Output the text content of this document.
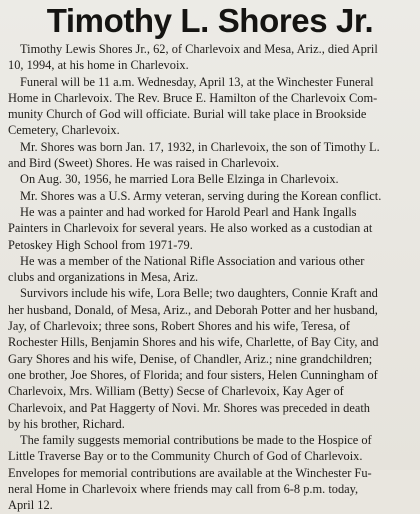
Timothy L. Shores Jr.

Timothy Lewis Shores Jr., 62, of Charlevoix and Mesa, Ariz., died April
10, 1994, at his home in Charlevoix.

Funeral will be 11 a.m. Wednesday, April 13, at the Winchester Funeral
Home in Charlevoix. The Rev. Bruce E. Hamilton of the Charlevoix Com-
munity Church of God will officiate. Burial will take place in Brookside
Cemetery, Charlevoix.

Mr. Shores was born Jan. 17, 1932, in Charlevoix, the son of Timothy L.
and Bird (Sweet) Shores. He was raised in Charlevoix.

On Aug. 30, 1956, he married Lora Belle Elzinga in Charlevoix.

Mr. Shores was a U.S. Army veteran, serving during the Korean conflict.

He was a painter and had worked for Harold Pearl and Hank Ingalls
Painters in Charlevoix for several years. He also worked as a custodian at
Petoskey High School from 1971-79.

He was a member of the National Rifle Association and various other
clubs and organizations in Mesa, Ariz.

Survivors include his wife, Lora Belle; two daughters, Connie Kraft and
her husband, Donald, of Mesa, Ariz., and Deborah Potter and her husband,
Jay, of Charlevoix; three sons, Robert Shores and his wife, Teresa, of
Rochester Hills, Benjamin Shores and his wife, Charlette, of Bay City, and
Gary Shores and his wife, Denise, of Chandler, Ariz.; nine grandchildren;
one brother, Joe Shores, of Florida; and four sisters, Helen Cunningham of
Charlevoix, Mrs. William (Betty) Secse of Charlevoix, Kay Ager of
Charlevoix, and Pat Haggerty of Novi. Mr. Shores was preceded in death
by his brother, Richard.

The family suggests memorial contributions be made to the Hospice of
Little Traverse Bay or to the Community Church of God of Charlevoix.
Envelopes for memorial contributions are available at the Winchester Fu-
neral Home in Charlevoix where friends may call from 6-8 p.m. today,
April 12.
